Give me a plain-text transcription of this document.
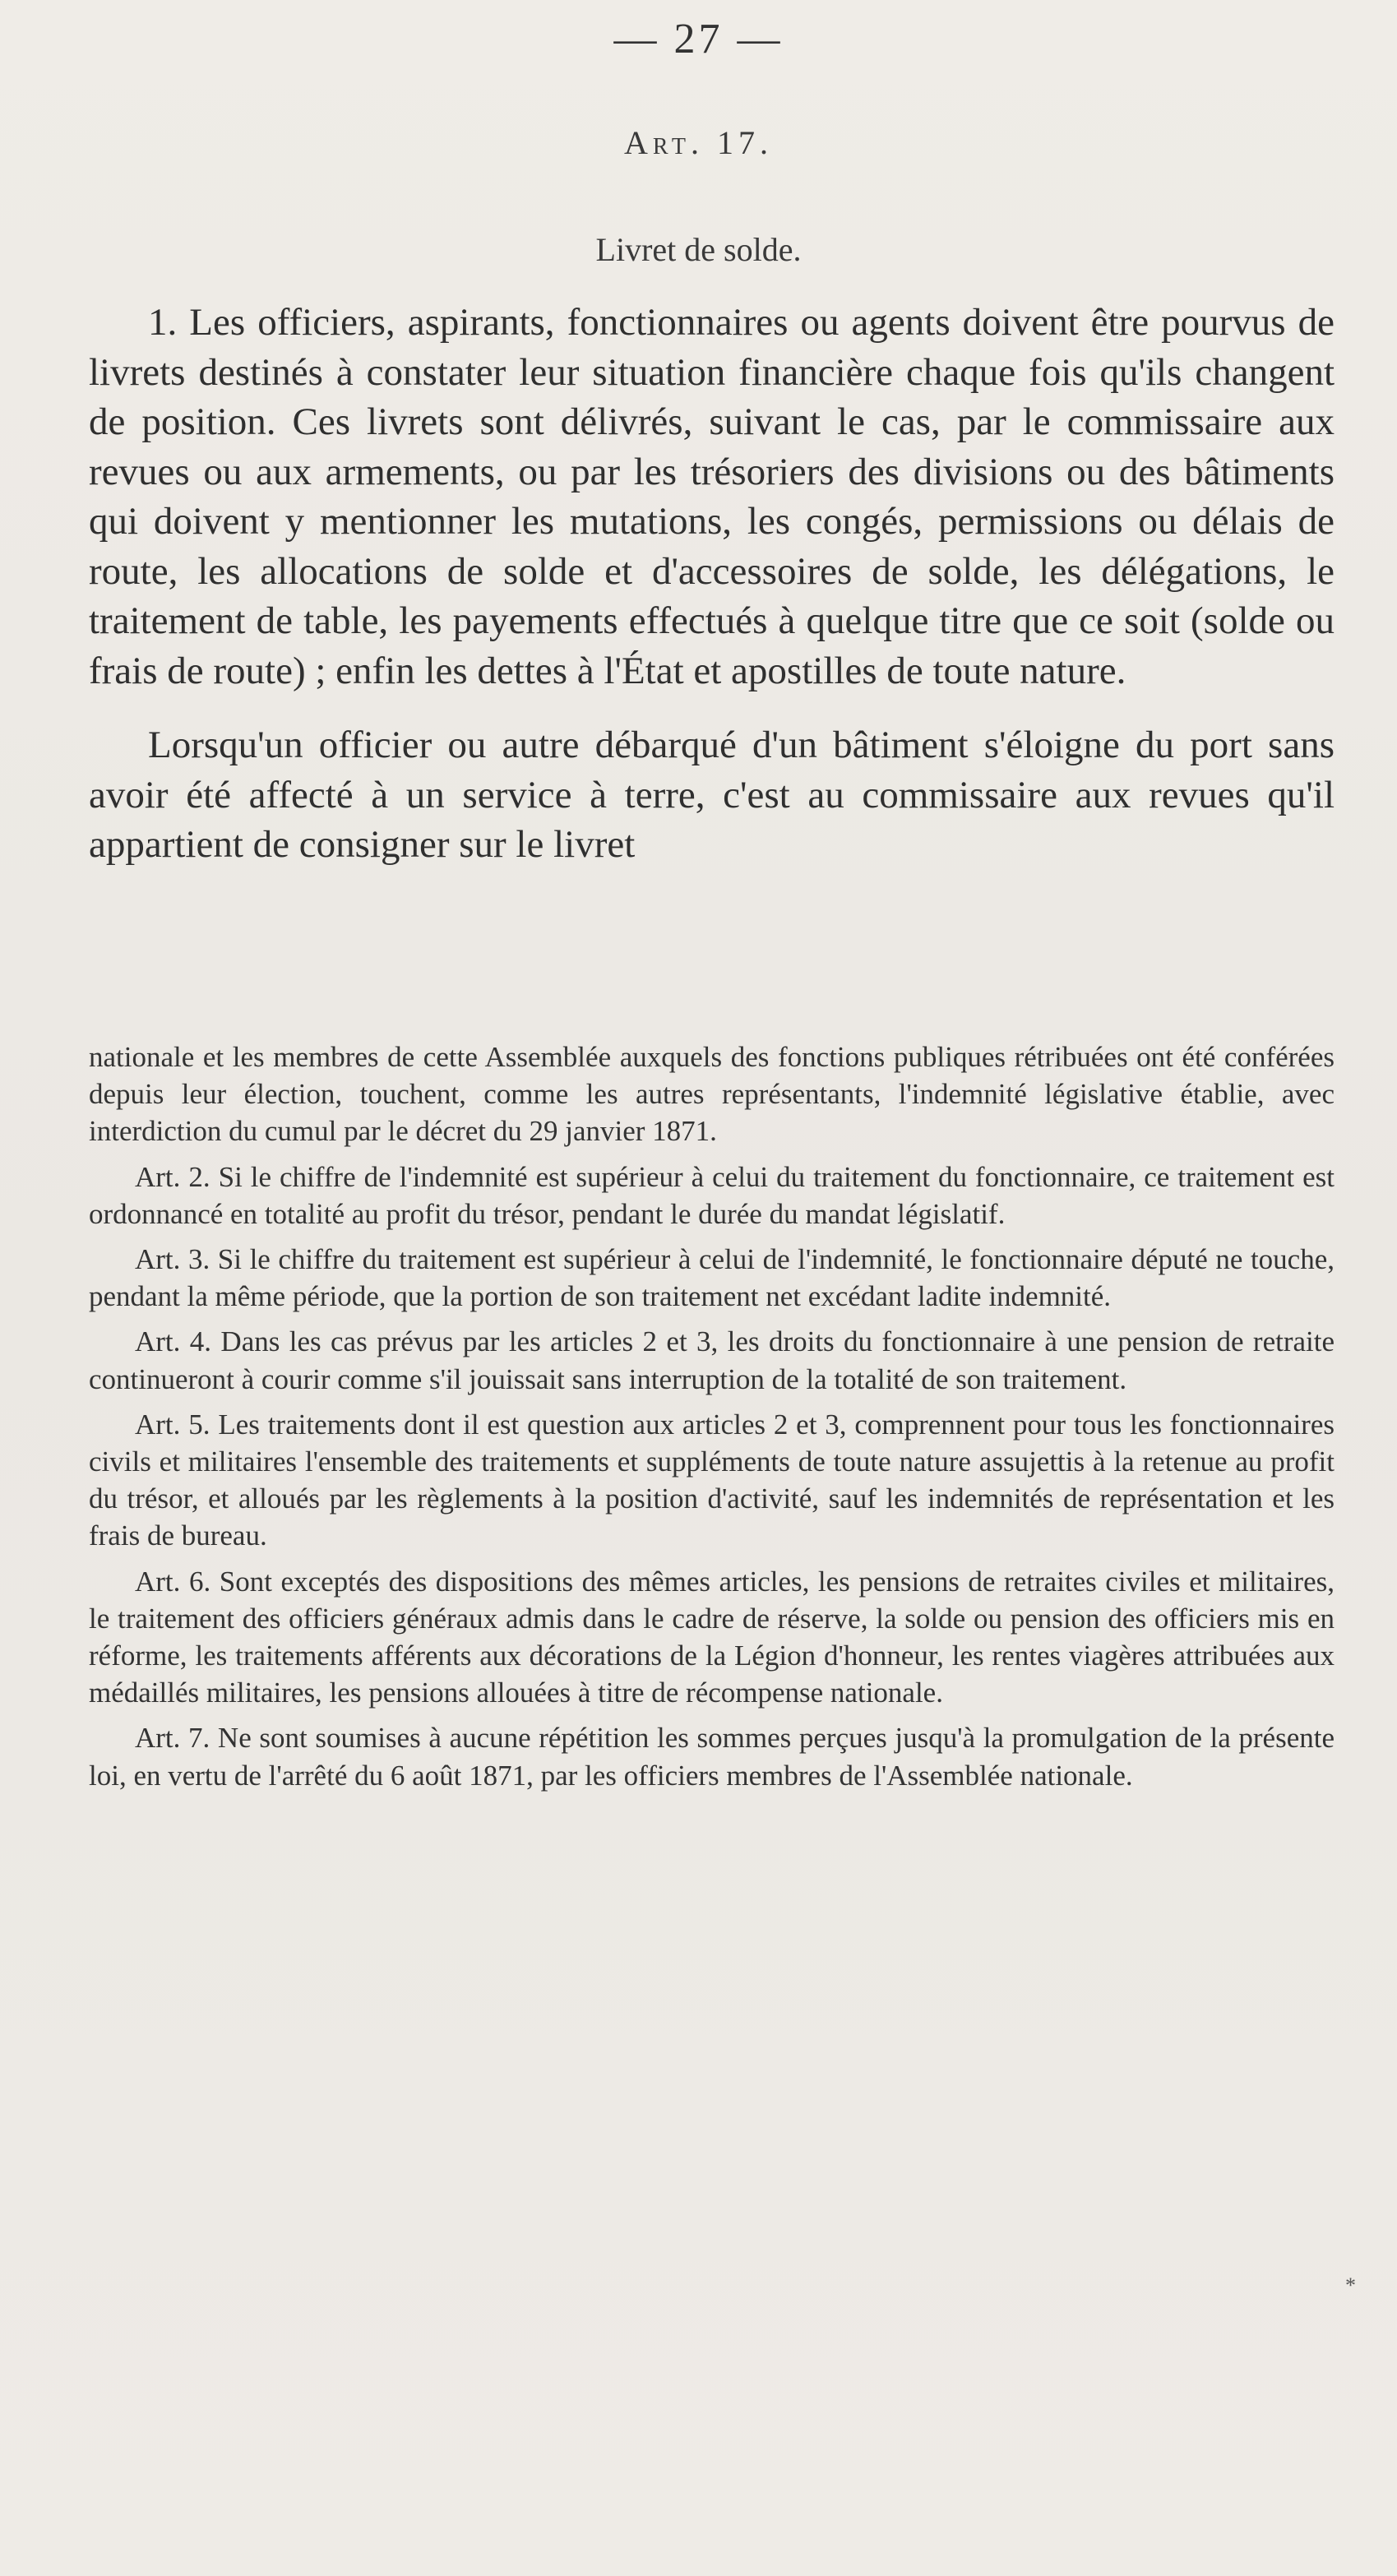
— 27 —
Art. 17.
Livret de solde.

1. Les officiers, aspirants, fonctionnaires ou agents doivent être pourvus de livrets destinés à constater leur situation financière chaque fois qu'ils changent de position. Ces livrets sont délivrés, suivant le cas, par le commissaire aux revues ou aux armements, ou par les trésoriers des divisions ou des bâtiments qui doivent y mentionner les mutations, les congés, permissions ou délais de route, les allocations de solde et d'accessoires de solde, les délégations, le traitement de table, les payements effectués à quelque titre que ce soit (solde ou frais de route) ; enfin les dettes à l'État et apostilles de toute nature.

Lorsqu'un officier ou autre débarqué d'un bâtiment s'éloigne du port sans avoir été affecté à un service à terre, c'est au commissaire aux revues qu'il appartient de consigner sur le livret

nationale et les membres de cette Assemblée auxquels des fonctions publiques rétribuées ont été conférées depuis leur élection, touchent, comme les autres représentants, l'indemnité législative établie, avec interdiction du cumul par le décret du 29 janvier 1871.

Art. 2. Si le chiffre de l'indemnité est supérieur à celui du traitement du fonctionnaire, ce traitement est ordonnancé en totalité au profit du trésor, pendant le durée du mandat législatif.

Art. 3. Si le chiffre du traitement est supérieur à celui de l'indemnité, le fonctionnaire député ne touche, pendant la même période, que la portion de son traitement net excédant ladite indemnité.

Art. 4. Dans les cas prévus par les articles 2 et 3, les droits du fonctionnaire à une pension de retraite continueront à courir comme s'il jouissait sans interruption de la totalité de son traitement.

Art. 5. Les traitements dont il est question aux articles 2 et 3, comprennent pour tous les fonctionnaires civils et militaires l'ensemble des traitements et suppléments de toute nature assujettis à la retenue au profit du trésor, et alloués par les règlements à la position d'activité, sauf les indemnités de représentation et les frais de bureau.

Art. 6. Sont exceptés des dispositions des mêmes articles, les pensions de retraites civiles et militaires, le traitement des officiers généraux admis dans le cadre de réserve, la solde ou pension des officiers mis en réforme, les traitements afférents aux décorations de la Légion d'honneur, les rentes viagères attribuées aux médaillés militaires, les pensions allouées à titre de récompense nationale.

Art. 7. Ne sont soumises à aucune répétition les sommes perçues jusqu'à la promulgation de la présente loi, en vertu de l'arrêté du 6 août 1871, par les officiers membres de l'Assemblée nationale.

*
